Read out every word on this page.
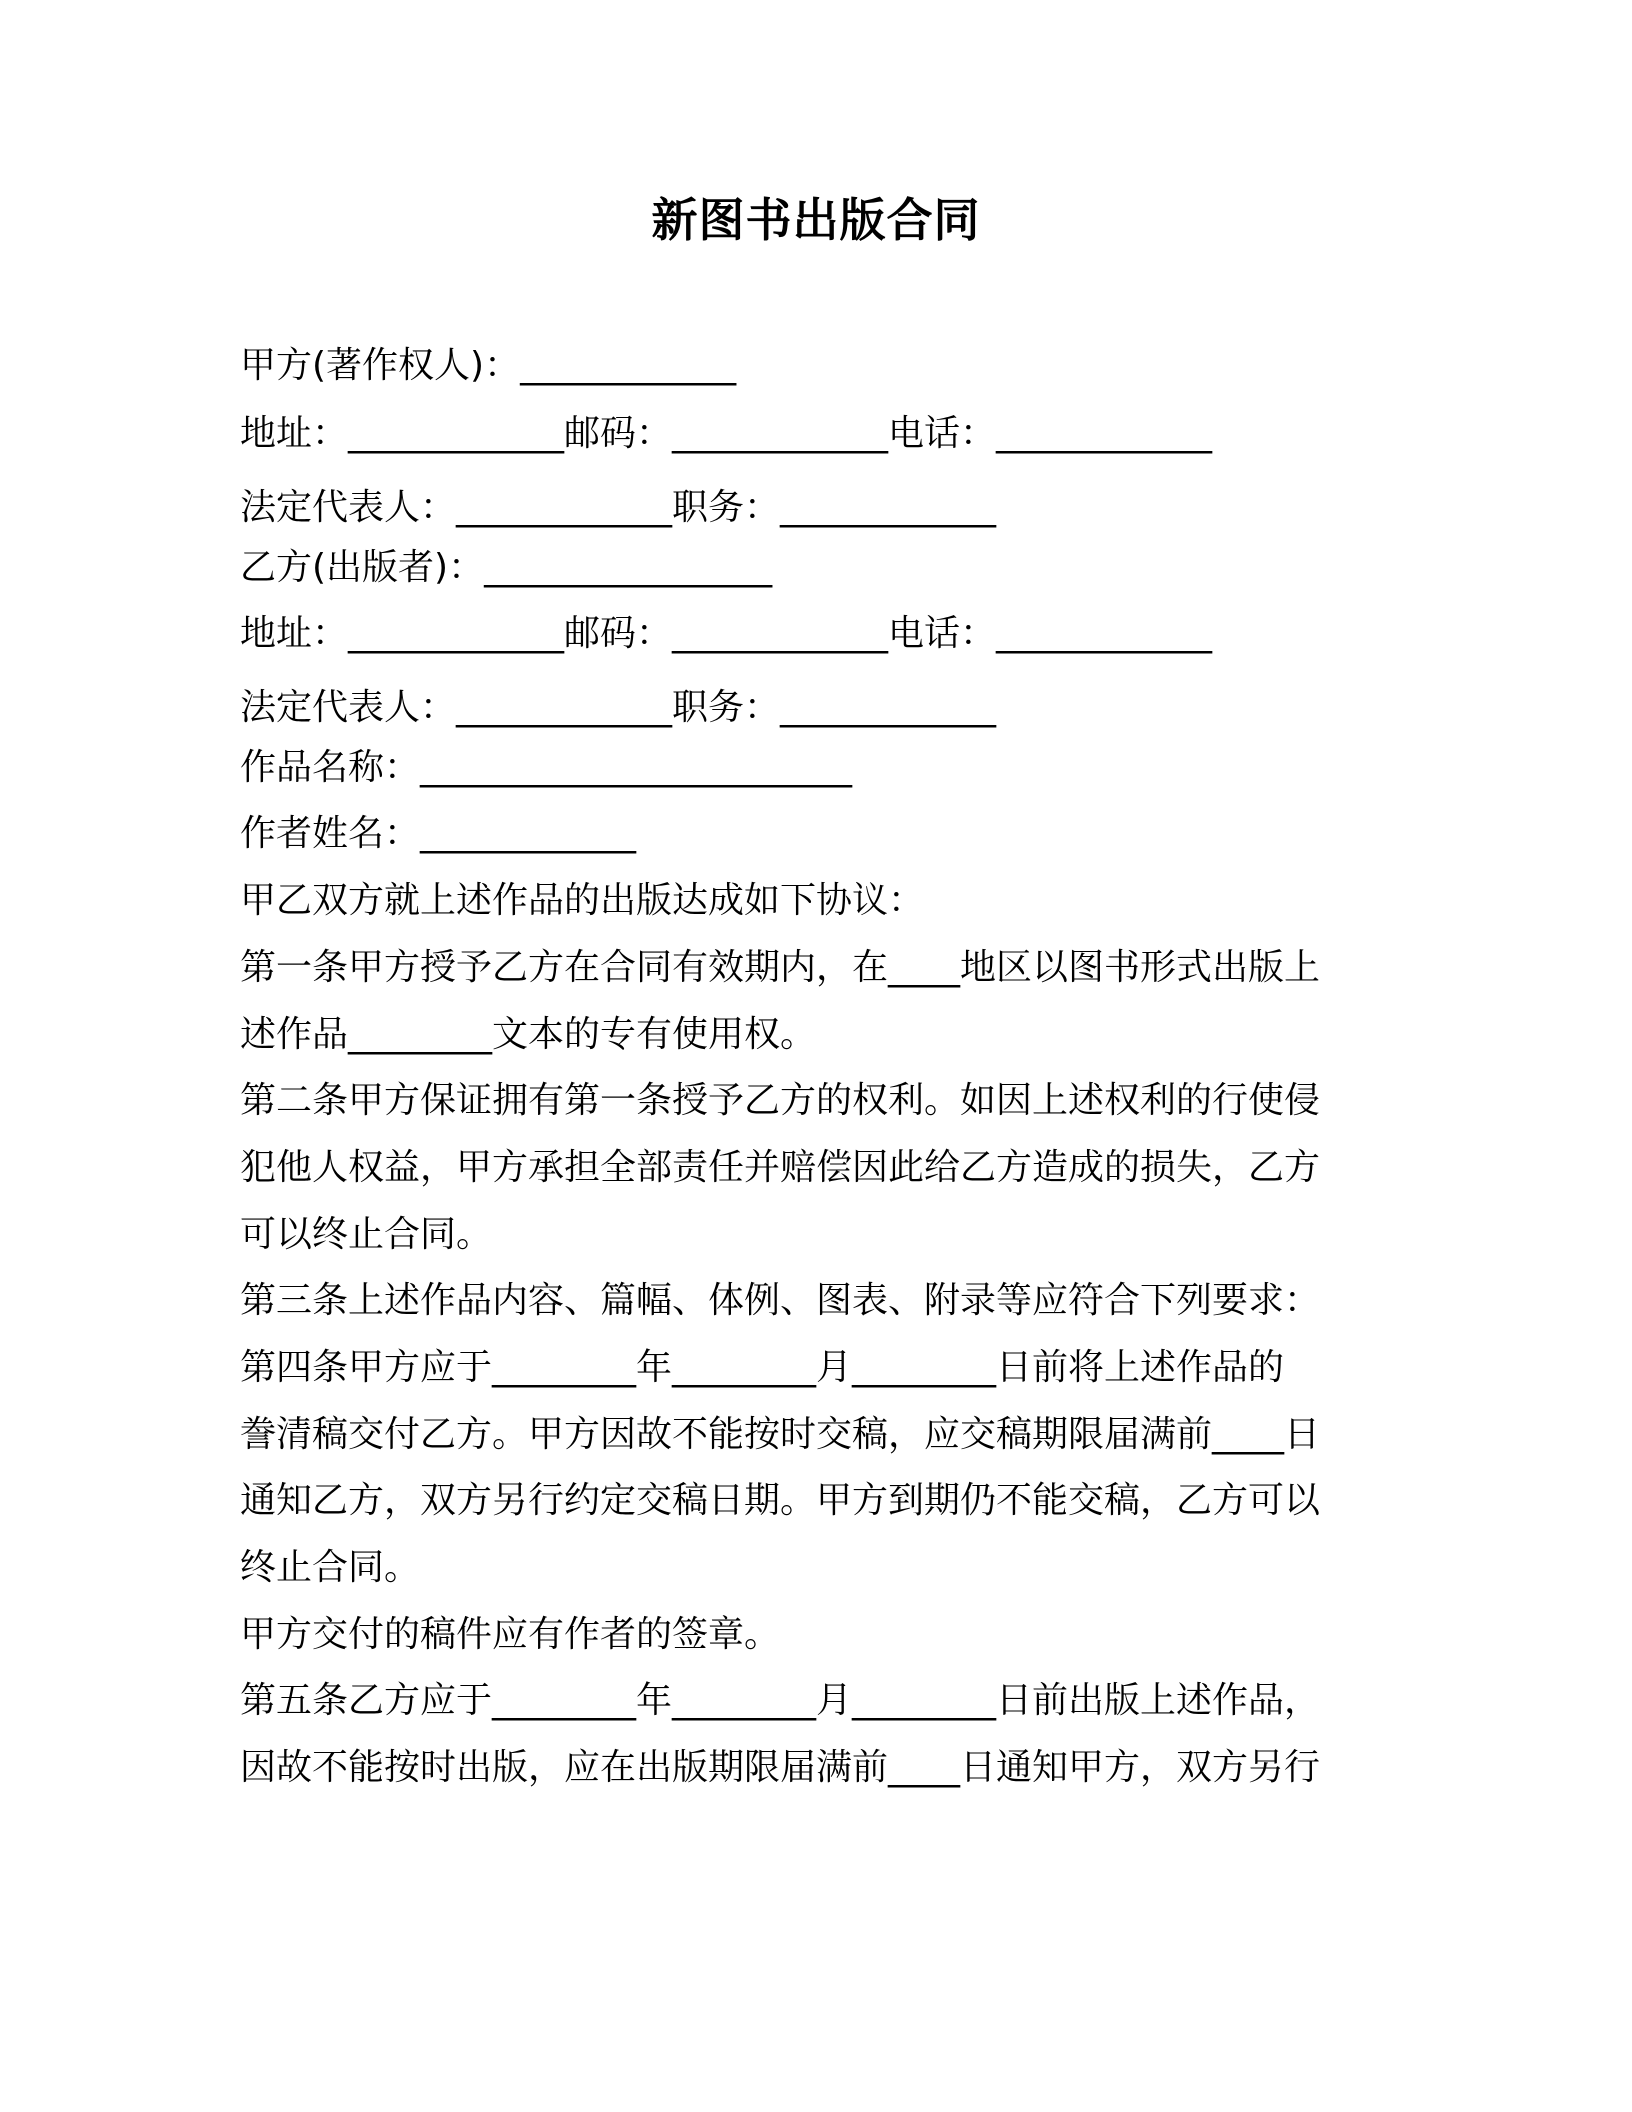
新图书出版合同
甲方(著作权人)：____________
地址：____________邮码：____________电话：____________
法定代表人：____________职务：____________
乙方(出版者)：________________
地址：____________邮码：____________电话：____________
法定代表人：____________职务：____________
作品名称：________________________
作者姓名：____________
甲乙双方就上述作品的出版达成如下协议：
第一条甲方授予乙方在合同有效期内，在____地区以图书形式出版上
述作品________文本的专有使用权。
第二条甲方保证拥有第一条授予乙方的权利。如因上述权利的行使侵
犯他人权益，甲方承担全部责任并赔偿因此给乙方造成的损失，乙方
可以终止合同。
第三条上述作品内容、篇幅、体例、图表、附录等应符合下列要求：
第四条甲方应于________年________月________日前将上述作品的
誊清稿交付乙方。甲方因故不能按时交稿，应交稿期限届满前____日
通知乙方，双方另行约定交稿日期。甲方到期仍不能交稿，乙方可以
终止合同。
甲方交付的稿件应有作者的签章。
第五条乙方应于________年________月________日前出版上述作品，
因故不能按时出版，应在出版期限届满前____日通知甲方，双方另行
